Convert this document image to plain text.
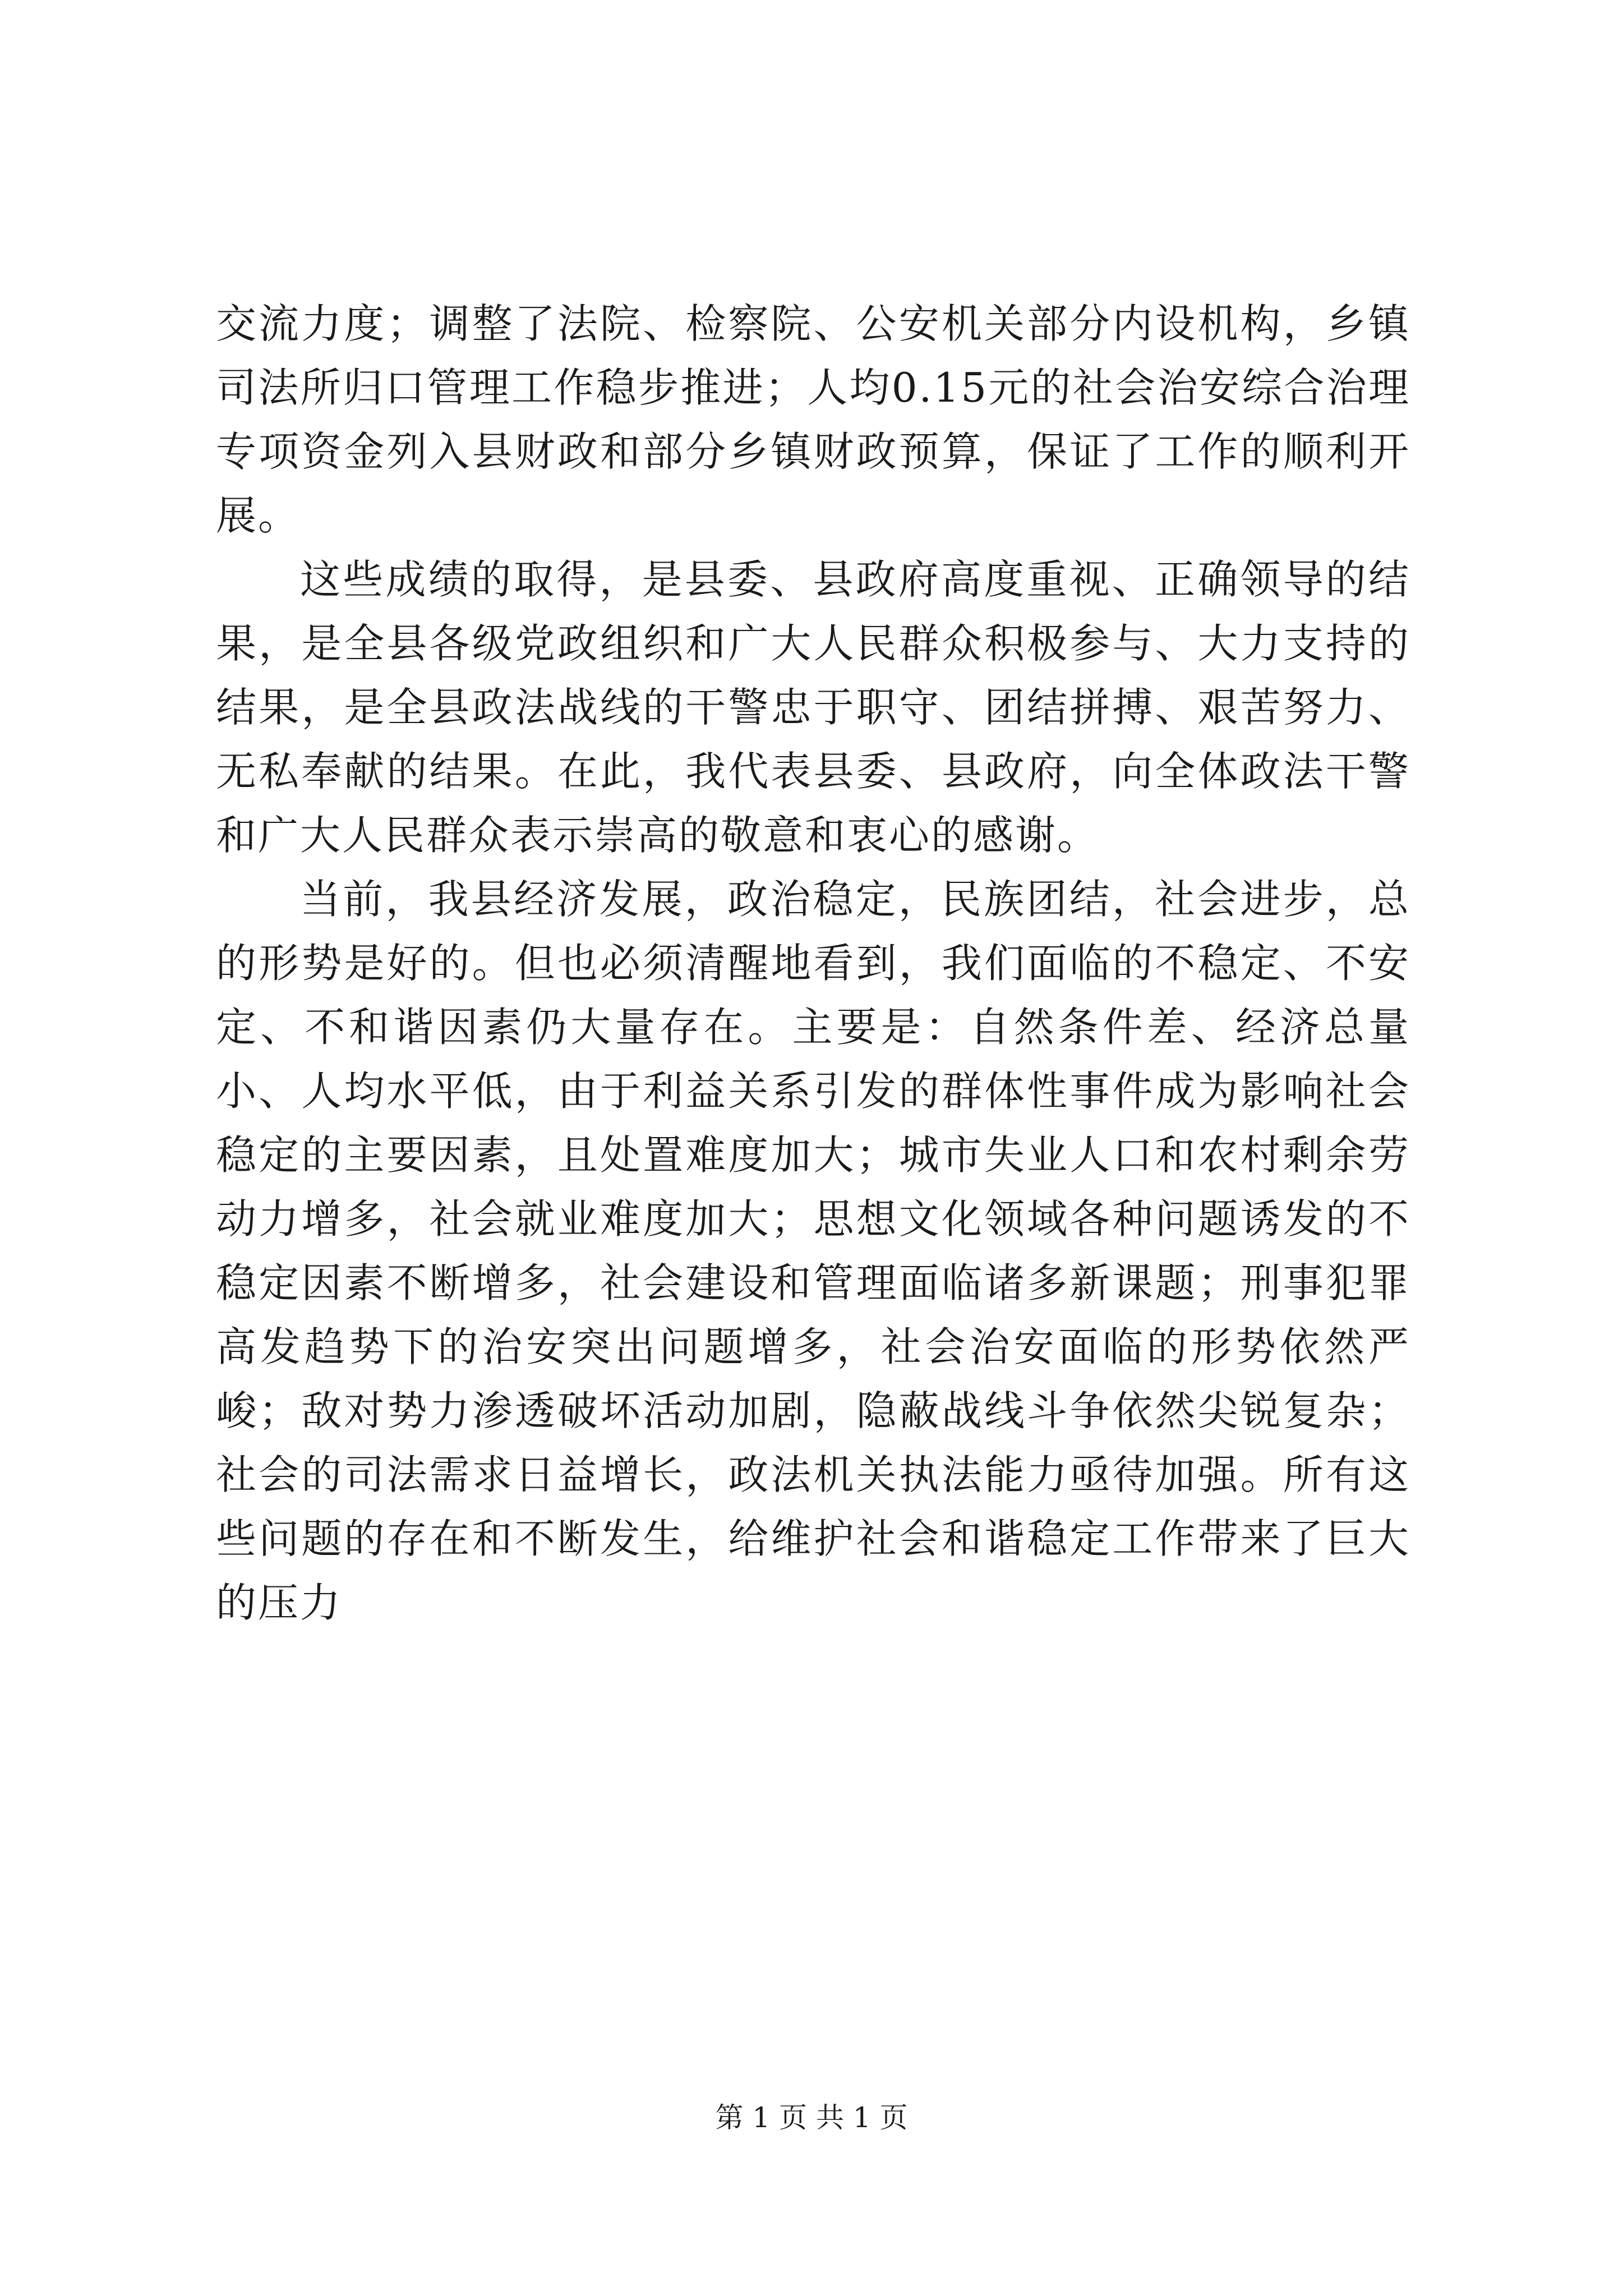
交流力度；调整了法院、检察院、公安机关部分内设机构，乡镇司法所归口管理工作稳步推进；人均0.15元的社会治安综合治理专项资金列入县财政和部分乡镇财政预算，保证了工作的顺利开展。

这些成绩的取得，是县委、县政府高度重视、正确领导的结果，是全县各级党政组织和广大人民群众积极参与、大力支持的结果，是全县政法战线的干警忠于职守、团结拼搏、艰苦努力、无私奉献的结果。在此，我代表县委、县政府，向全体政法干警和广大人民群众表示崇高的敬意和衷心的感谢。

当前，我县经济发展，政治稳定，民族团结，社会进步，总的形势是好的。但也必须清醒地看到，我们面临的不稳定、不安定、不和谐因素仍大量存在。主要是：自然条件差、经济总量小、人均水平低，由于利益关系引发的群体性事件成为影响社会稳定的主要因素，且处置难度加大；城市失业人口和农村剩余劳动力增多，社会就业难度加大；思想文化领域各种问题诱发的不稳定因素不断增多，社会建设和管理面临诸多新课题；刑事犯罪高发趋势下的治安突出问题增多，社会治安面临的形势依然严峻；敌对势力渗透破坏活动加剧，隐蔽战线斗争依然尖锐复杂；社会的司法需求日益增长，政法机关执法能力亟待加强。所有这些问题的存在和不断发生，给维护社会和谐稳定工作带来了巨大的压力

第 1 页 共 1 页
